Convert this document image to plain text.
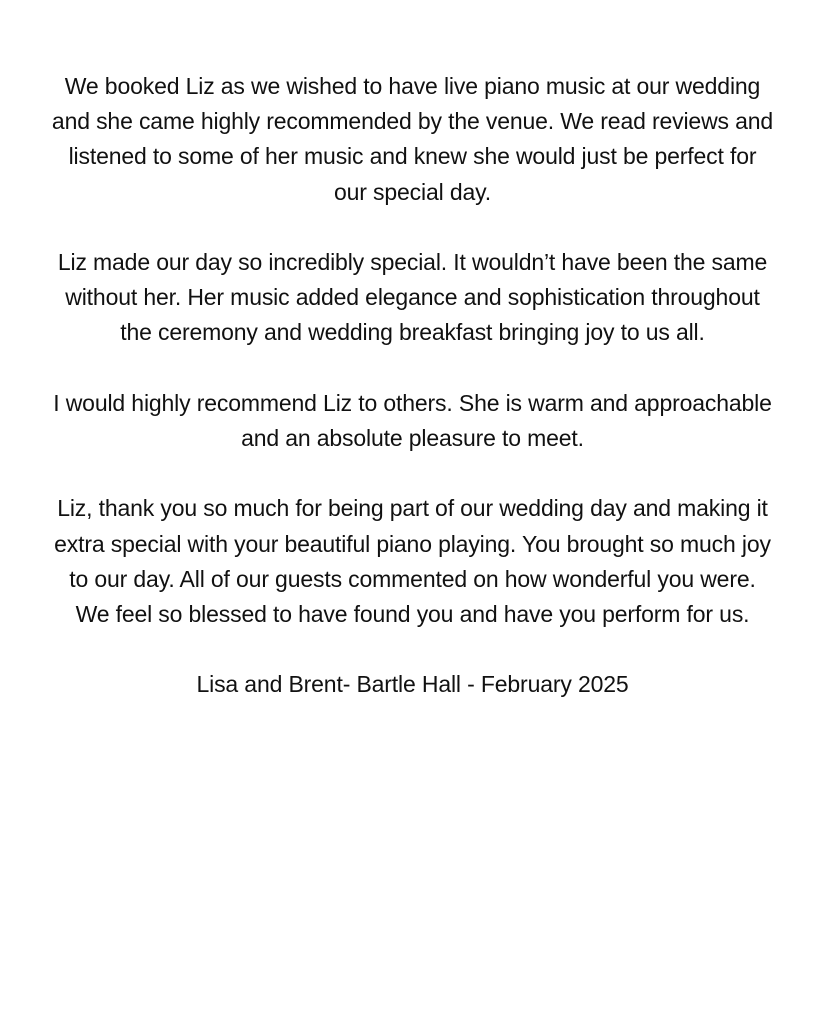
We booked Liz as we wished to have live piano music at our wedding and she came highly recommended by the venue. We read reviews and listened to some of her music and knew she would just be perfect for our special day.

Liz made our day so incredibly special. It wouldn’t have been the same without her. Her music added elegance and sophistication throughout the ceremony and wedding breakfast bringing joy to us all.

I would highly recommend Liz to others. She is warm and approachable and an absolute pleasure to meet.

Liz, thank you so much for being part of our wedding day and making it extra special with your beautiful piano playing. You brought so much joy to our day. All of our guests commented on how wonderful you were. We feel so blessed to have found you and have you perform for us.

Lisa and Brent- Bartle Hall - February 2025
